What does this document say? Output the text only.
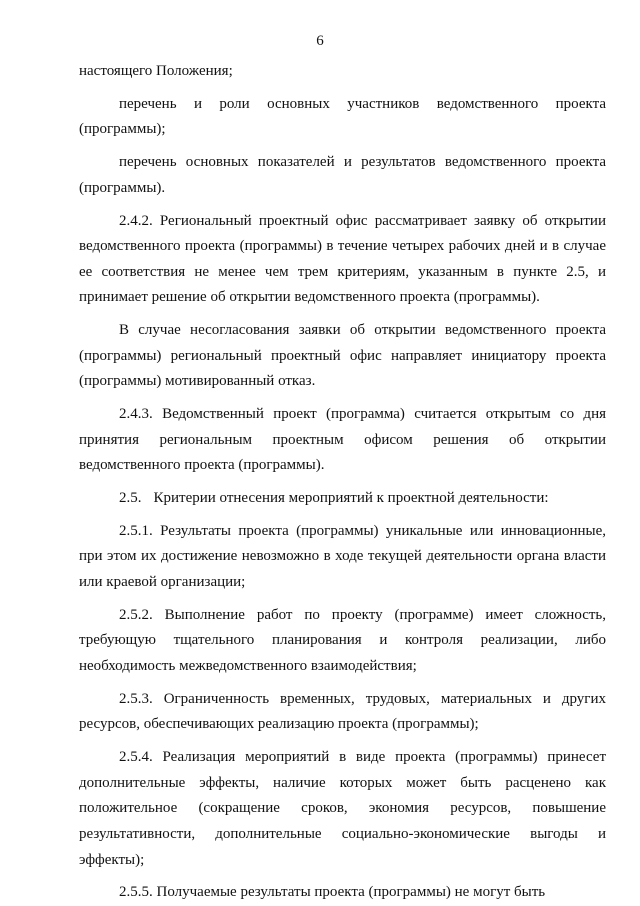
6

настоящего Положения;

перечень и роли основных участников ведомственного проекта (программы);

перечень основных показателей и результатов ведомственного проекта (программы).

2.4.2. Региональный проектный офис рассматривает заявку об открытии ведомственного проекта (программы) в течение четырех рабочих дней и в случае ее соответствия не менее чем трем критериям, указанным в пункте 2.5, и принимает решение об открытии ведомственного проекта (программы).

В случае несогласования заявки об открытии ведомственного проекта (программы) региональный проектный офис направляет инициатору проекта (программы) мотивированный отказ.

2.4.3. Ведомственный проект (программа) считается открытым со дня принятия региональным проектным офисом решения об открытии ведомственного проекта (программы).

2.5. Критерии отнесения мероприятий к проектной деятельности:

2.5.1. Результаты проекта (программы) уникальные или инновационные, при этом их достижение невозможно в ходе текущей деятельности органа власти или краевой организации;

2.5.2. Выполнение работ по проекту (программе) имеет сложность, требующую тщательного планирования и контроля реализации, либо необходимость межведомственного взаимодействия;

2.5.3. Ограниченность временных, трудовых, материальных и других ресурсов, обеспечивающих реализацию проекта (программы);

2.5.4. Реализация мероприятий в виде проекта (программы) принесет дополнительные эффекты, наличие которых может быть расценено как положительное (сокращение сроков, экономия ресурсов, повышение результативности, дополнительные социально-экономические выгоды и эффекты);

2.5.5. Получаемые результаты проекта (программы) не могут быть
